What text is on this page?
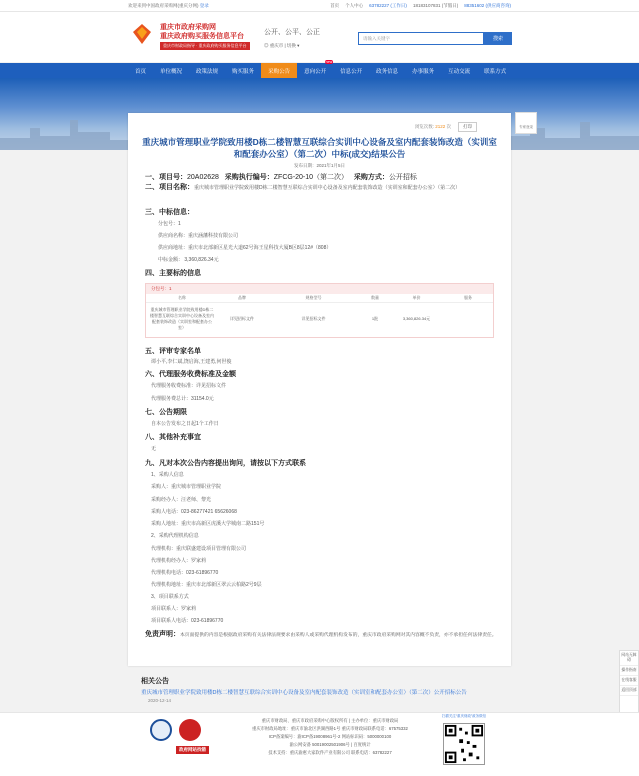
欢迎来到中国政府采购网(重庆分网) 登录	首页 个人中心 63782227 (工作日) 18183107831 (节假日) 88351602 (供应商咨询)
重庆市政府采购网
重庆政府购买服务信息平台
重庆市财政局指导 · 重庆政府购买服务信息平台
公开、公平、公正
◎ 重庆市 | 切换 ▾
请输入关键字	搜索
首页	单位概况	政策法规	购买服务	采购公告	意向公开
new
信息公开	政务信息	办事服务	互动交流	联系方式
专家登录
浏览次数: 2122 次	打印
重庆城市管理职业学院致用楼D栋二楼智慧互联综合实训中心设备及室内配套装饰改造（实训室和配套办公室）（第二次）中标(成交)结果公告
发布日期：2021年1月5日
一、项目号：20A02628 采购执行编号：ZFCG-20-10（第二次） 采购方式：公开招标
二、项目名称：重庆城市管理职业学院致用楼D栋二楼智慧互联综合实训中心设备及室内配套装饰改造（实训室和配套办公室）（第二次）
三、中标信息：
分包号：1
供应商名称：重庆涵藩科技有限公司
供应商地址：重庆市北部新区星光大道62号海王星科技大厦B区8层12#（808）
中标金额： 3,360,826.34元
四、主要标的信息
分包号：1
名称	品牌	规格型号	数量	单价	服务
重庆城市管理职业学院致用楼D栋二楼智慧互联综合实训中心设备及室内配套装饰改造（实训室和配套办公室）
详见招标文件	详见招标文件	1批	3,360,826.34元
五、评审专家名单
谭小平,李仁斌,饶启海,王建勇,何世俊
六、代理服务收费标准及金额
代理服务收费标准：详见招标文件
代理服务费总计：31154.0元
七、公告期限
自本公告发布之日起1个工作日
八、其他补充事宜
无
九、凡对本次公告内容提出询问，请按以下方式联系
1、采购人信息
采购人：重庆城市管理职业学院
采购经办人：汪老师、黎光
采购人电话：023-86277421 65626068
采购人地址：重庆市高新区虎溪大学城南二路151号
2、采购代理机构信息
代理机构：重庆联盛建设项目管理有限公司
代理机构经办人：罗家莉
代理机构电话：023-61896770
代理机构地址：重庆市北部新区翠云云柏路2号9层
3、项目联系方式
项目联系人：罗家莉
项目联系人电话：023-61896770
免责声明：本页面提供的内容是根据政府采购有关法律法规要求由采购人或采购代理机构发布的，重庆市政府采购网对其内容概不负责，亦不承担任何法律责任。
相关公告
重庆城市管理职业学院致用楼D栋二楼智慧互联综合实训中心设备及室内配套装饰改造（实训室和配套办公室）（第二次）公开招标公告
2020-12-14
网站无障碍
操作指南
在线客服
返回顶部
政府网站找错
重庆市财政局、重庆市政府采购中心版权所有 | 主办单位：重庆市财政局
重庆市财政局地址：重庆市渝北区洪湖西路1号 重庆市财政局联系电话：67575332
ICP备案编号：渝ICP备19008961号-2 网站标识码：5000000100
渝公网安备 50019002501906号 | 百度统计
技术支持：重庆渝惠大家软件产业有限公司 联系电话：63782227
扫描关注“重庆财政”政务微信
